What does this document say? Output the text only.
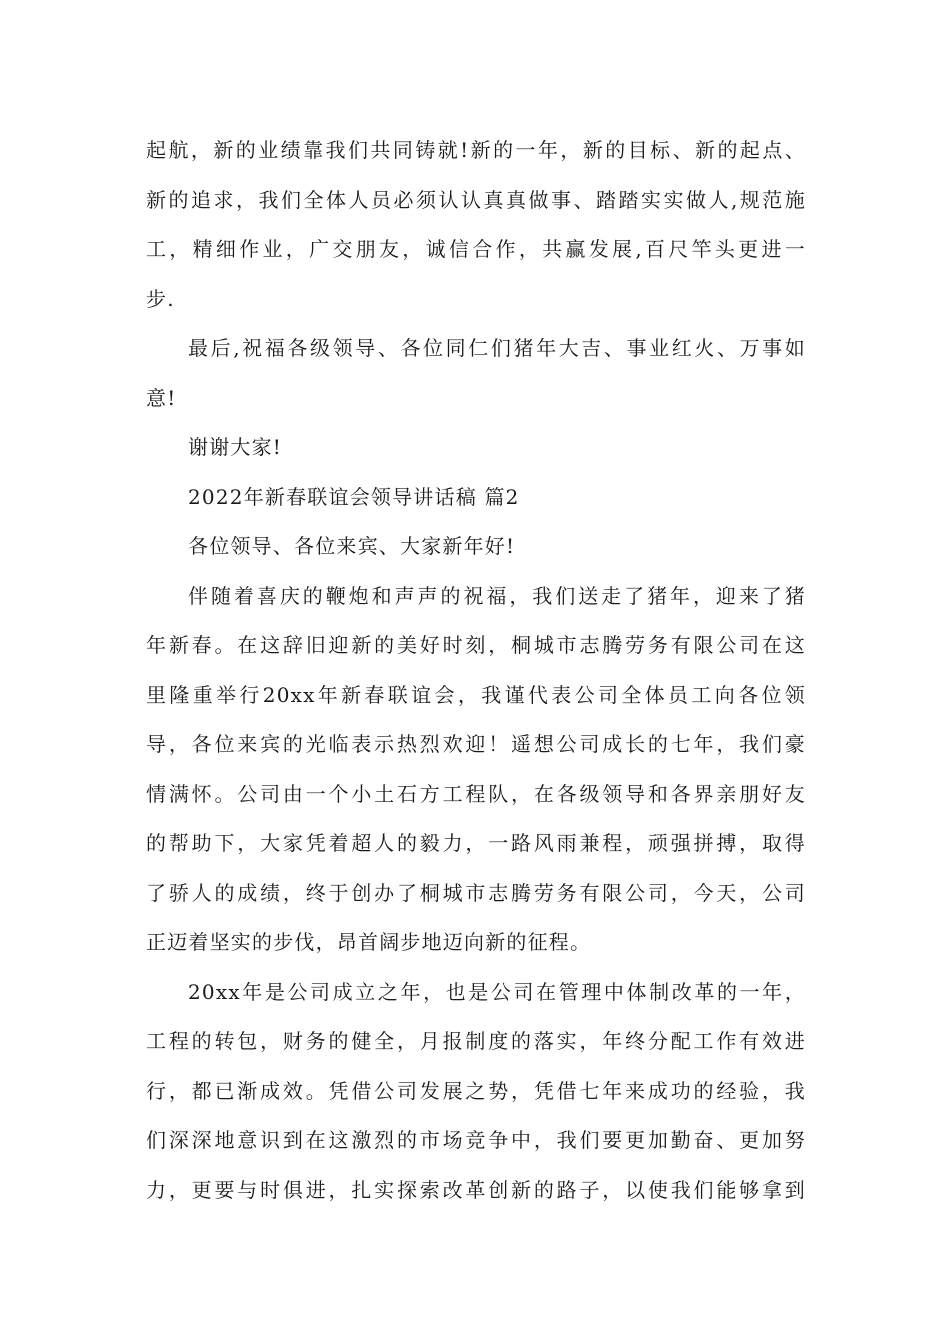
起航，新的业绩靠我们共同铸就!新的一年，新的目标、新的起点、
新的追求，我们全体人员必须认认真真做事、踏踏实实做人,规范施
工，精细作业，广交朋友，诚信合作，共赢发展,百尺竿头更进一
步.
最后,祝福各级领导、各位同仁们猪年大吉、事业红火、万事如
意!
谢谢大家!
2022年新春联谊会领导讲话稿 篇2
各位领导、各位来宾、大家新年好!
伴随着喜庆的鞭炮和声声的祝福，我们送走了猪年，迎来了猪
年新春。在这辞旧迎新的美好时刻，桐城市志腾劳务有限公司在这
里隆重举行20xx年新春联谊会，我谨代表公司全体员工向各位领
导，各位来宾的光临表示热烈欢迎！遥想公司成长的七年，我们豪
情满怀。公司由一个小土石方工程队，在各级领导和各界亲朋好友
的帮助下，大家凭着超人的毅力，一路风雨兼程，顽强拼搏，取得
了骄人的成绩，终于创办了桐城市志腾劳务有限公司，今天，公司
正迈着坚实的步伐，昂首阔步地迈向新的征程。
20xx年是公司成立之年，也是公司在管理中体制改革的一年，
工程的转包，财务的健全，月报制度的落实，年终分配工作有效进
行，都已渐成效。凭借公司发展之势，凭借七年来成功的经验，我
们深深地意识到在这激烈的市场竞争中，我们要更加勤奋、更加努
力，更要与时俱进，扎实探索改革创新的路子，以使我们能够拿到
